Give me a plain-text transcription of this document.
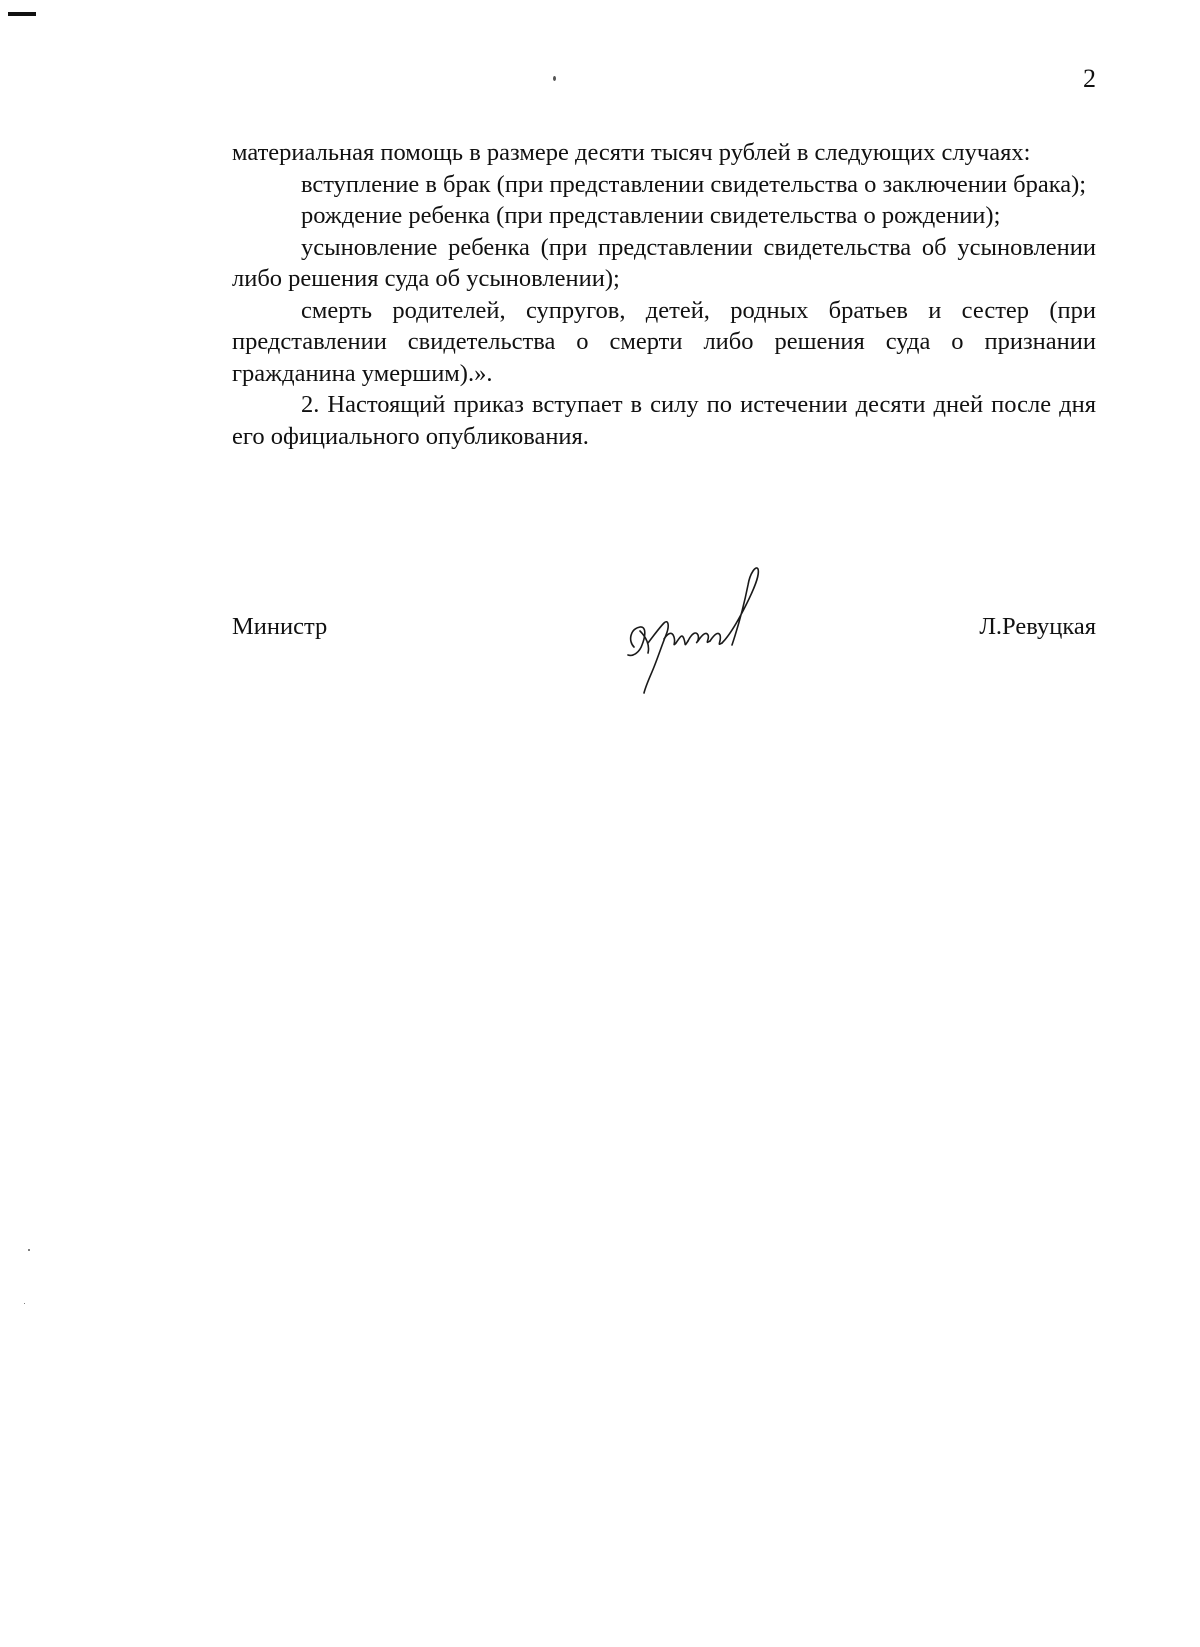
2

материальная помощь в размере десяти тысяч рублей в следующих случаях:

вступление в брак (при представлении свидетельства о заключении брака);

рождение ребенка (при представлении свидетельства о рождении);

усыновление ребенка (при представлении свидетельства об усыновлении либо решения суда об усыновлении);

смерть родителей, супругов, детей, родных братьев и сестер (при представлении свидетельства о смерти либо решения суда о признании гражданина умершим).».

2. Настоящий приказ вступает в силу по истечении десяти дней после дня его официального опубликования.

Министр	Л.Ревуцкая
